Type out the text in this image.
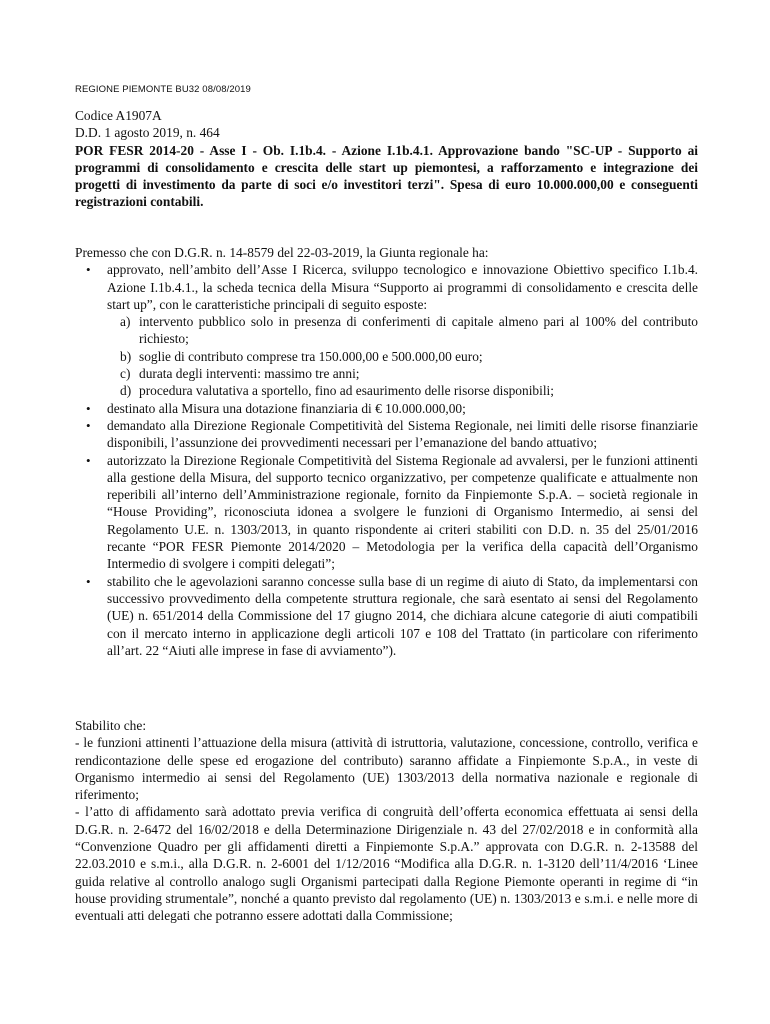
REGIONE PIEMONTE BU32 08/08/2019
Codice A1907A
D.D. 1 agosto 2019, n. 464
POR FESR 2014-20 - Asse I - Ob. I.1b.4. - Azione I.1b.4.1. Approvazione bando "SC-UP - Supporto ai programmi di consolidamento e crescita delle start up piemontesi, a rafforzamento e integrazione dei progetti di investimento da parte di soci e/o investitori terzi". Spesa di euro 10.000.000,00 e conseguenti registrazioni contabili.
Premesso che con D.G.R. n. 14-8579 del 22-03-2019, la Giunta regionale ha:
• approvato, nell’ambito dell’Asse I Ricerca, sviluppo tecnologico e innovazione Obiettivo specifico I.1b.4. Azione I.1b.4.1., la scheda tecnica della Misura “Supporto ai programmi di consolidamento e crescita delle start up”, con le caratteristiche principali di seguito esposte:
a) intervento pubblico solo in presenza di conferimenti di capitale almeno pari al 100% del contributo richiesto;
b) soglie di contributo comprese tra 150.000,00 e 500.000,00 euro;
c) durata degli interventi: massimo tre anni;
d) procedura valutativa a sportello, fino ad esaurimento delle risorse disponibili;
• destinato alla Misura una dotazione finanziaria di € 10.000.000,00;
• demandato alla Direzione Regionale Competitività del Sistema Regionale, nei limiti delle risorse finanziarie disponibili, l’assunzione dei provvedimenti necessari per l’emanazione del bando attuativo;
• autorizzato la Direzione Regionale Competitività del Sistema Regionale ad avvalersi, per le funzioni attinenti alla gestione della Misura, del supporto tecnico organizzativo, per competenze qualificate e attualmente non reperibili all’interno dell’Amministrazione regionale, fornito da Finpiemonte S.p.A. – società regionale in “House Providing”, riconosciuta idonea a svolgere le funzioni di Organismo Intermedio, ai sensi del Regolamento U.E. n. 1303/2013, in quanto rispondente ai criteri stabiliti con D.D. n. 35 del 25/01/2016 recante “POR FESR Piemonte 2014/2020 – Metodologia per la verifica della capacità dell’Organismo Intermedio di svolgere i compiti delegati”;
• stabilito che le agevolazioni saranno concesse sulla base di un regime di aiuto di Stato, da implementarsi con successivo provvedimento della competente struttura regionale, che sarà esentato ai sensi del Regolamento (UE) n. 651/2014 della Commissione del 17 giugno 2014, che dichiara alcune categorie di aiuti compatibili con il mercato interno in applicazione degli articoli 107 e 108 del Trattato (in particolare con riferimento all’art. 22 “Aiuti alle imprese in fase di avviamento”).
Stabilito che:
- le funzioni attinenti l’attuazione della misura (attività di istruttoria, valutazione, concessione, controllo, verifica e rendicontazione delle spese ed erogazione del contributo) saranno affidate a Finpiemonte S.p.A., in veste di Organismo intermedio ai sensi del Regolamento (UE) 1303/2013 della normativa nazionale e regionale di riferimento;
- l’atto di affidamento sarà adottato previa verifica di congruità dell’offerta economica effettuata ai sensi della D.G.R. n. 2-6472 del 16/02/2018 e della Determinazione Dirigenziale n. 43 del 27/02/2018 e in conformità alla “Convenzione Quadro per gli affidamenti diretti a Finpiemonte S.p.A.” approvata con D.G.R. n. 2-13588 del 22.03.2010 e s.m.i., alla D.G.R. n. 2-6001 del 1/12/2016 “Modifica alla D.G.R. n. 1-3120 dell’11/4/2016 ‘Linee guida relative al controllo analogo sugli Organismi partecipati dalla Regione Piemonte operanti in regime di “in house providing strumentale”, nonché a quanto previsto dal regolamento (UE) n. 1303/2013 e s.m.i. e nelle more di eventuali atti delegati che potranno essere adottati dalla Commissione;
